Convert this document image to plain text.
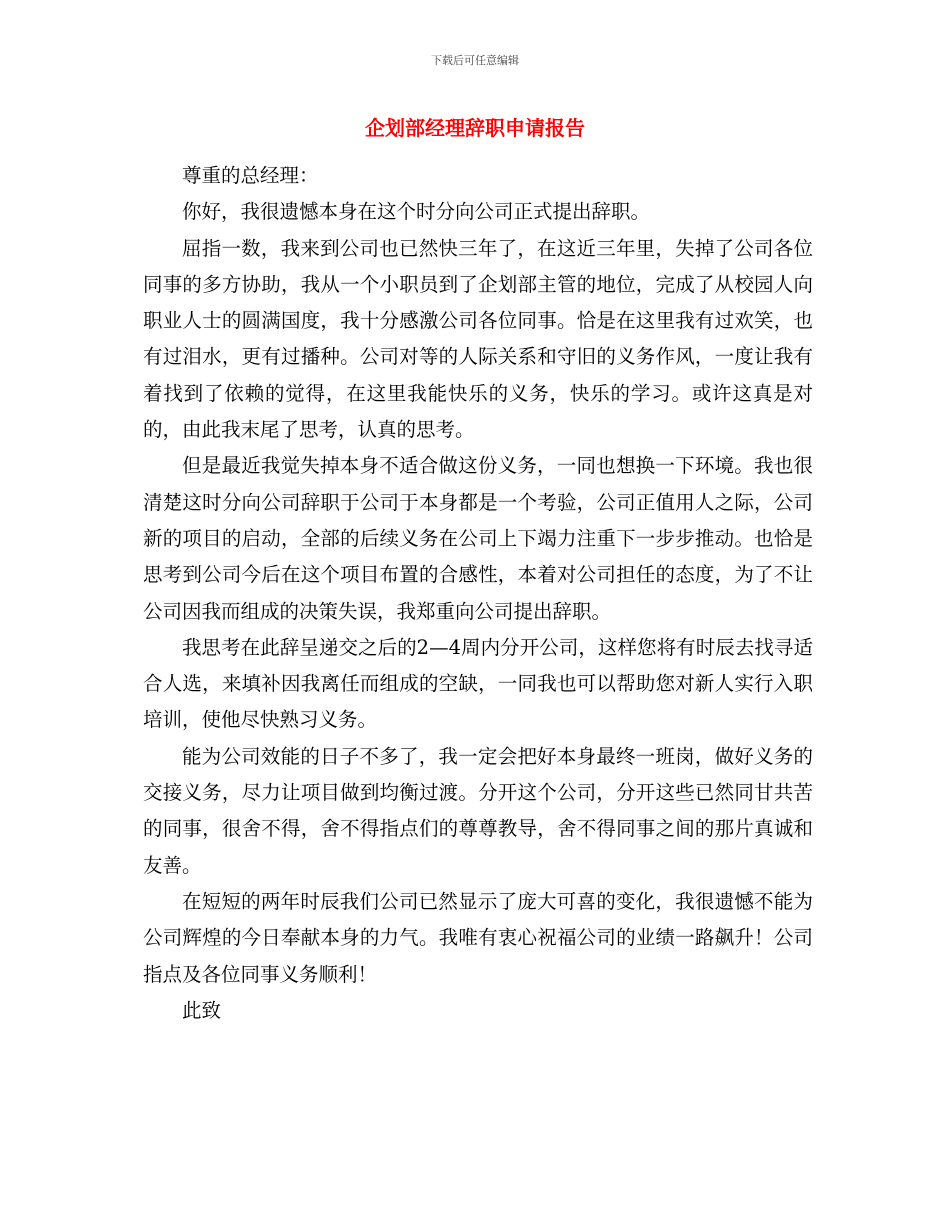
下载后可任意编辑
企划部经理辞职申请报告

尊重的总经理：

你好，我很遗憾本身在这个时分向公司正式提出辞职。

屈指一数，我来到公司也已然快三年了，在这近三年里，失掉了公司各位同事的多方协助，我从一个小职员到了企划部主管的地位，完成了从校园人向职业人士的圆满国度，我十分感激公司各位同事。恰是在这里我有过欢笑，也有过泪水，更有过播种。公司对等的人际关系和守旧的义务作风，一度让我有着找到了依赖的觉得，在这里我能快乐的义务，快乐的学习。或许这真是对的，由此我末尾了思考，认真的思考。

但是最近我觉失掉本身不适合做这份义务，一同也想换一下环境。我也很清楚这时分向公司辞职于公司于本身都是一个考验，公司正值用人之际，公司新的项目的启动，全部的后续义务在公司上下竭力注重下一步步推动。也恰是思考到公司今后在这个项目布置的合感性，本着对公司担任的态度，为了不让公司因我而组成的决策失误，我郑重向公司提出辞职。

我思考在此辞呈递交之后的2—4周内分开公司，这样您将有时辰去找寻适合人选，来填补因我离任而组成的空缺，一同我也可以帮助您对新人实行入职培训，使他尽快熟习义务。

能为公司效能的日子不多了，我一定会把好本身最终一班岗，做好义务的交接义务，尽力让项目做到均衡过渡。分开这个公司，分开这些已然同甘共苦的同事，很舍不得，舍不得指点们的尊尊教导，舍不得同事之间的那片真诚和友善。

在短短的两年时辰我们公司已然显示了庞大可喜的变化，我很遗憾不能为公司辉煌的今日奉献本身的力气。我唯有衷心祝福公司的业绩一路飙升！公司指点及各位同事义务顺利！

此致
